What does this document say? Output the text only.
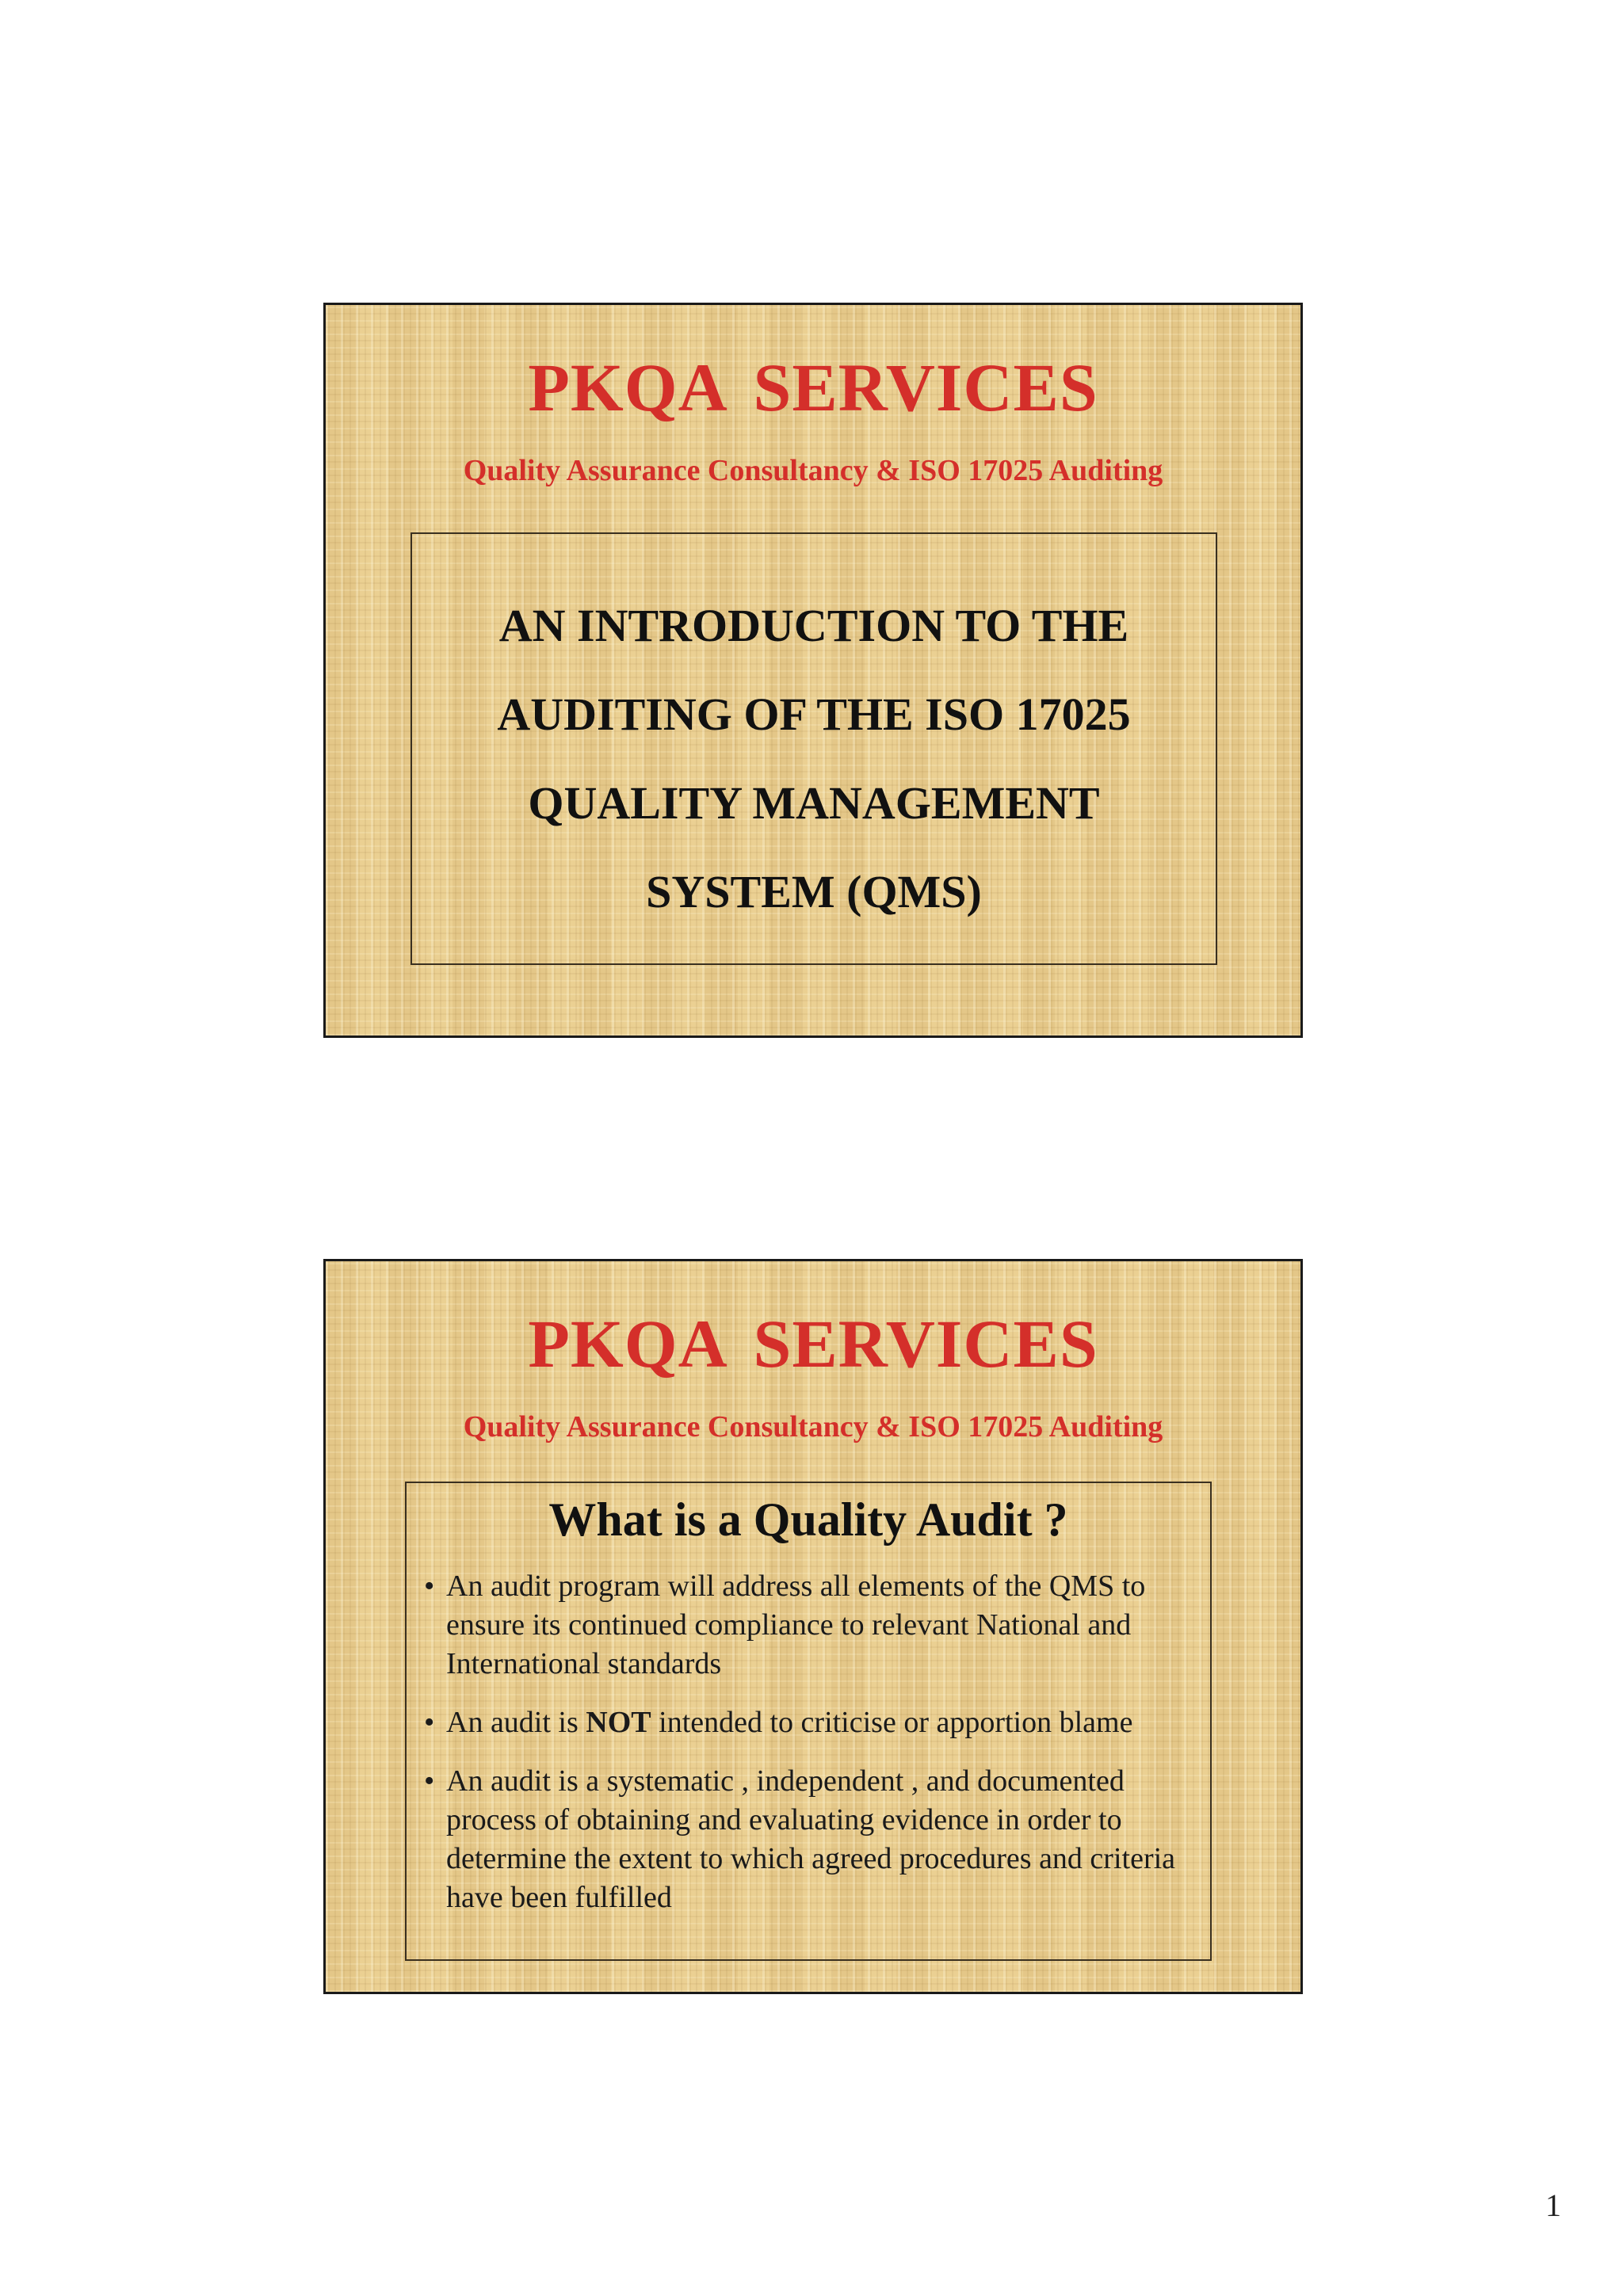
PKQA SERVICES
Quality Assurance Consultancy & ISO 17025 Auditing
AN INTRODUCTION TO THE
AUDITING OF THE ISO 17025
QUALITY MANAGEMENT
SYSTEM (QMS)
PKQA SERVICES
Quality Assurance Consultancy & ISO 17025 Auditing
What is a Quality Audit ?
• An audit program will address all elements of the QMS to ensure its continued compliance to relevant National and International standards
• An audit is NOT intended to criticise or apportion blame
• An audit is a systematic , independent , and documented process of obtaining and evaluating evidence in order to determine the extent to which agreed procedures and criteria have been fulfilled
1
